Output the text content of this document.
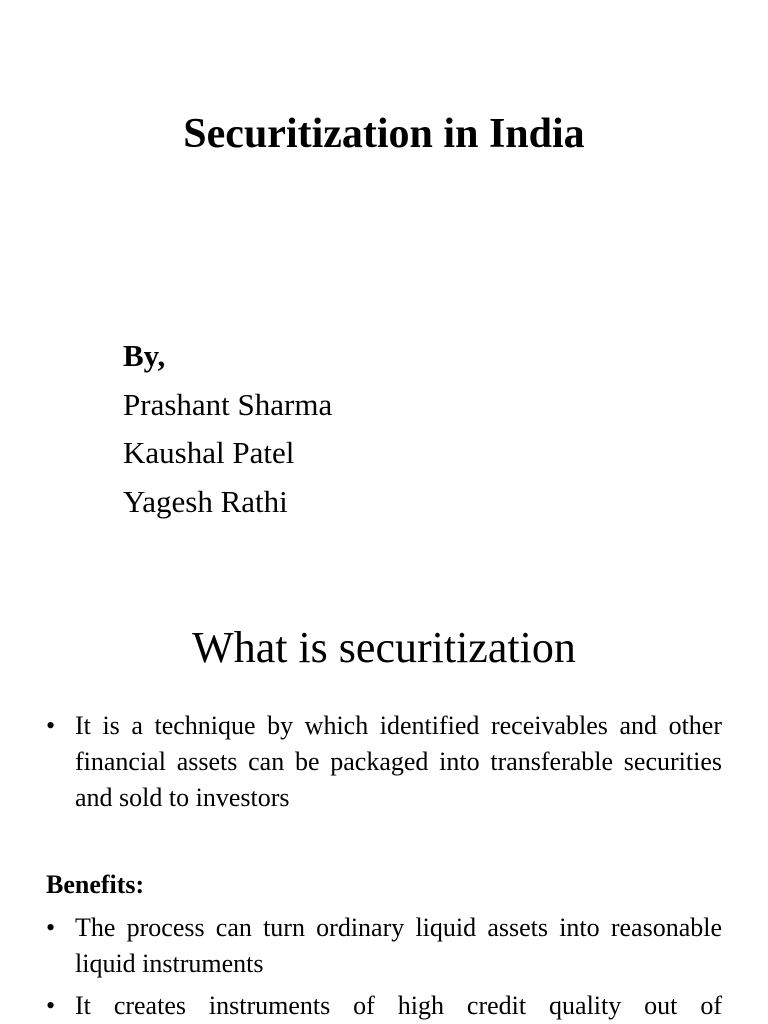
Securitization in India
By,
Prashant Sharma
Kaushal Patel
Yagesh Rathi
What is securitization
• It is a technique by which identified receivables and other financial assets can be packaged into transferable securities and sold to investors
Benefits:
• The process can turn ordinary liquid assets into reasonable liquid instruments
• It creates instruments of high credit quality out of
